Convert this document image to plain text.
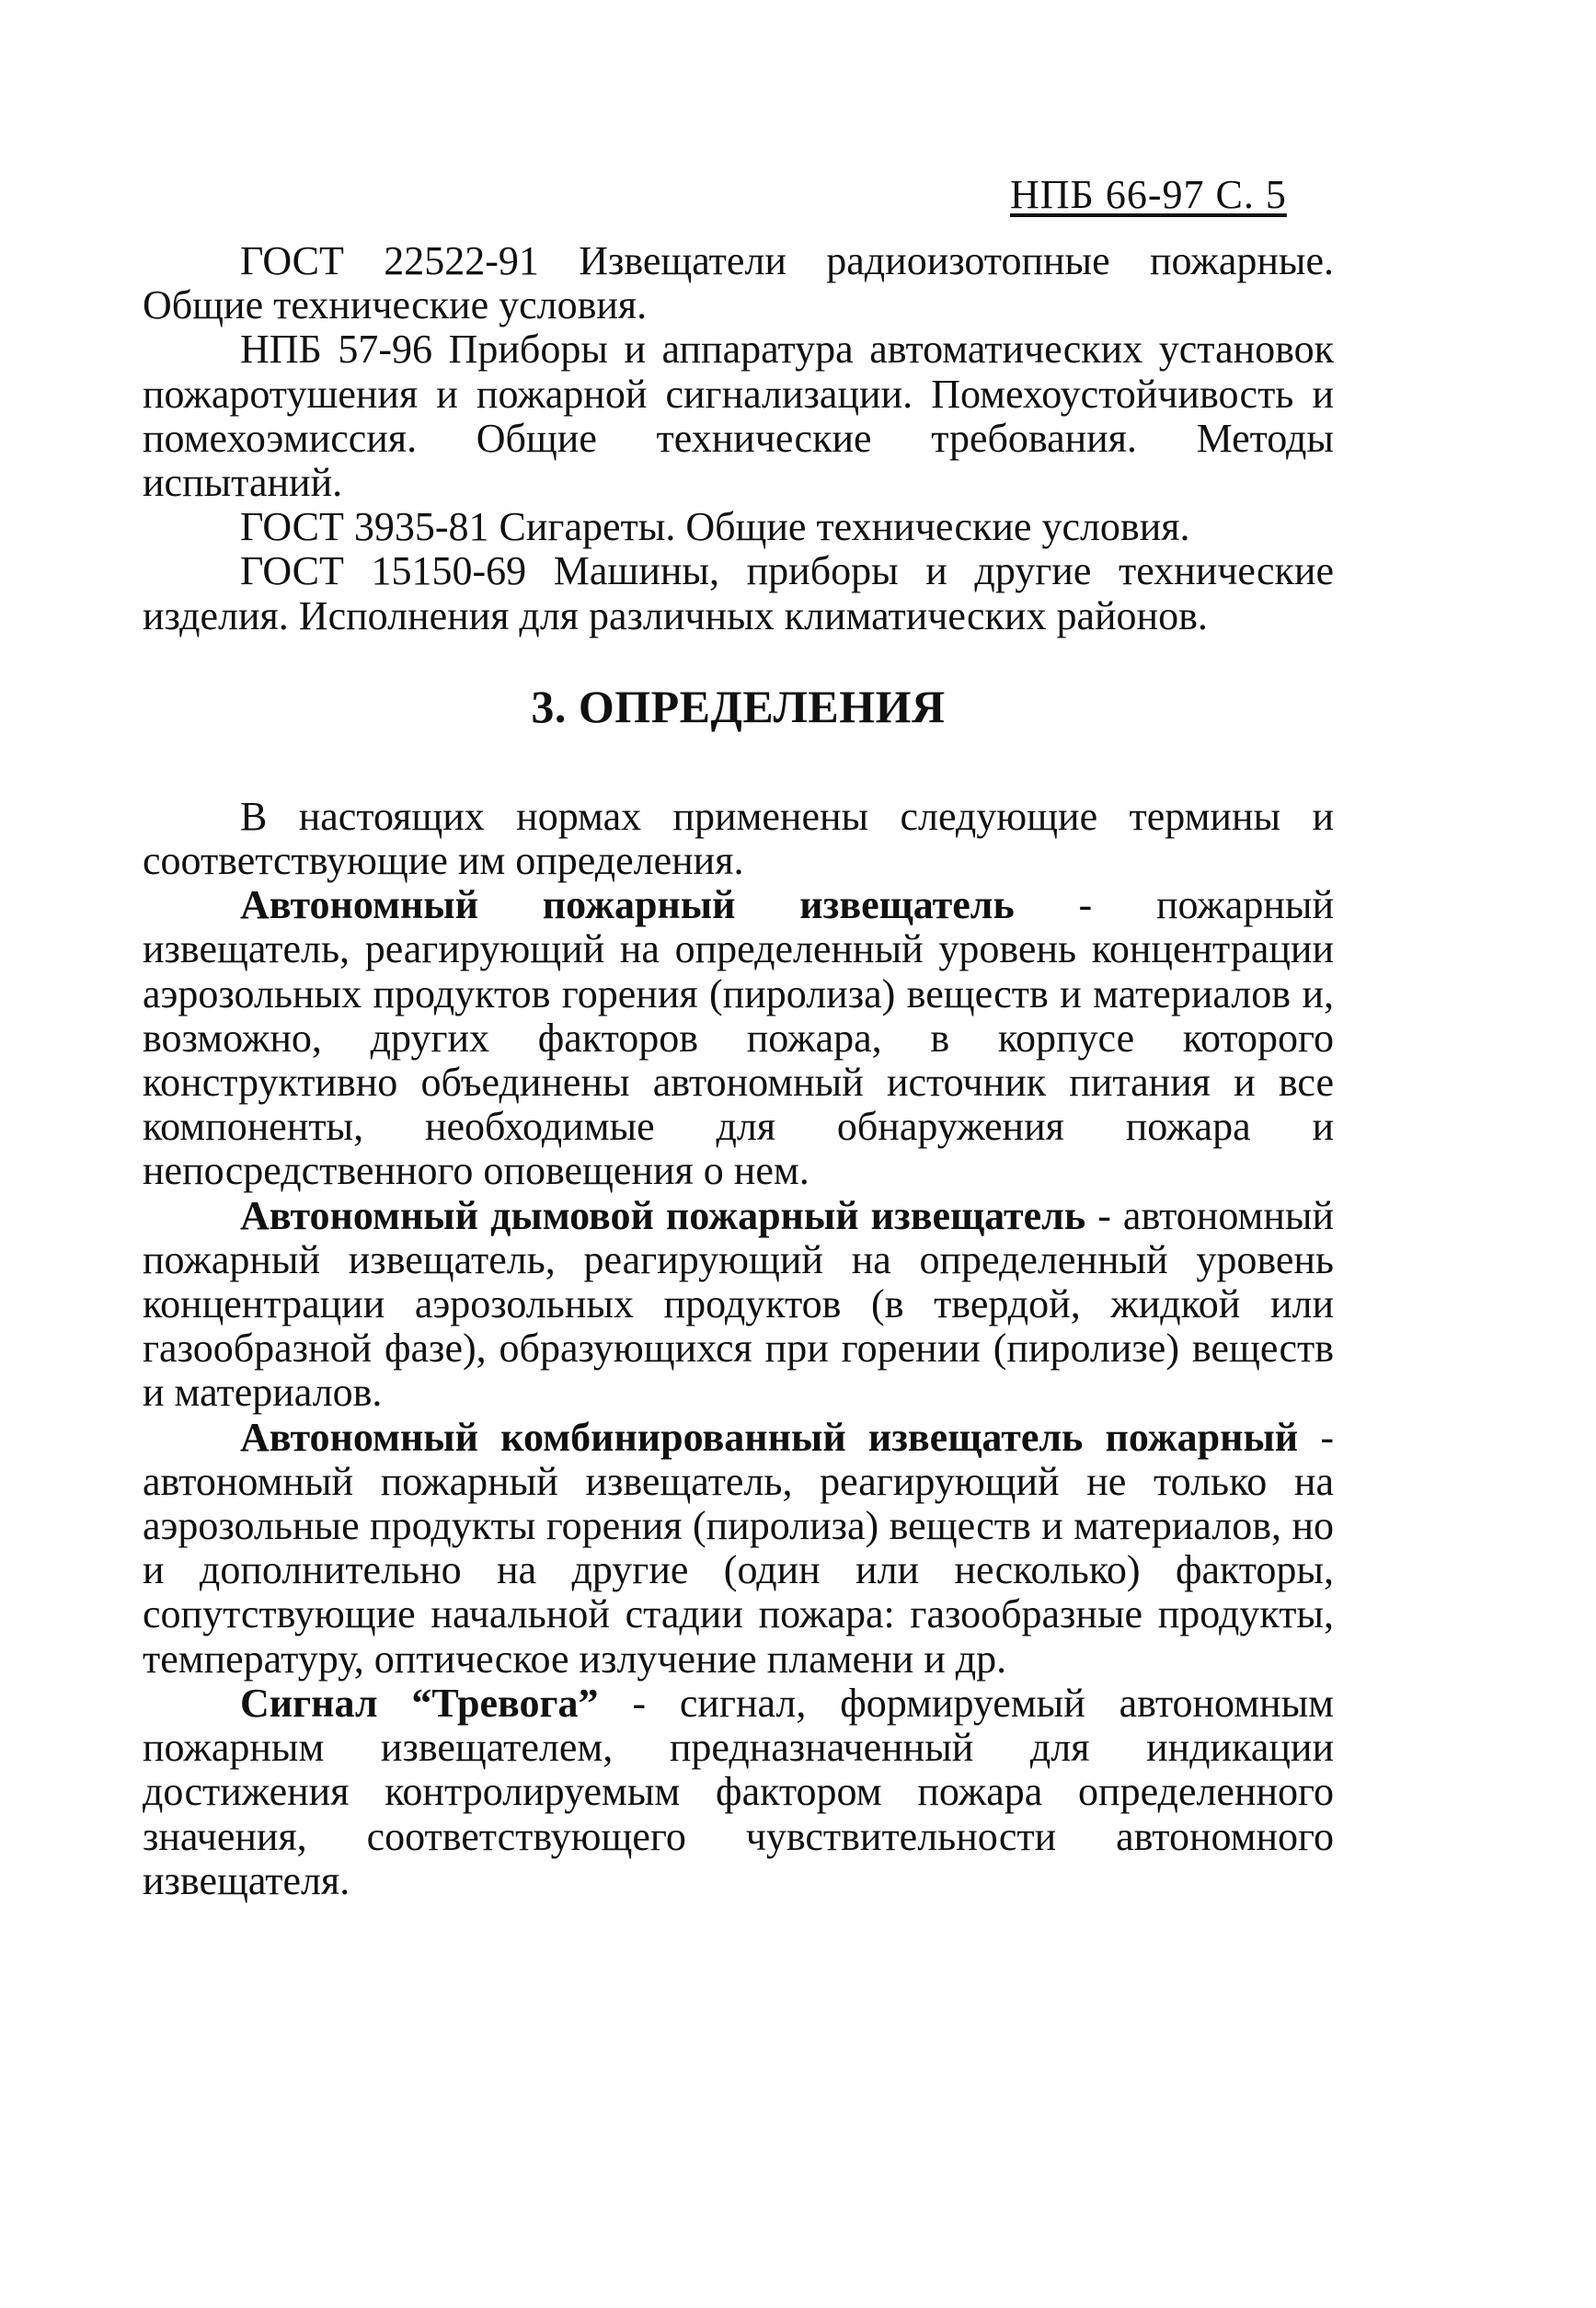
НПБ 66-97 С. 5

ГОСТ 22522-91 Извещатели радиоизотопные пожарные. Общие технические условия.

НПБ 57-96 Приборы и аппаратура автоматических установок пожаротушения и пожарной сигнализации. Помехоустойчивость и помехоэмиссия. Общие технические требования. Методы испытаний.

ГОСТ 3935-81 Сигареты. Общие технические условия.

ГОСТ 15150-69 Машины, приборы и другие технические изделия. Исполнения для различных климатических районов.

3. ОПРЕДЕЛЕНИЯ

В настоящих нормах применены следующие термины и соответствующие им определения.

Автономный пожарный извещатель - пожарный извещатель, реагирующий на определенный уровень концентрации аэрозольных продуктов горения (пиролиза) веществ и материалов и, возможно, других факторов пожара, в корпусе которого конструктивно объединены автономный источник питания и все компоненты, необходимые для обнаружения пожара и непосредственного оповещения о нем.

Автономный дымовой пожарный извещатель - автономный пожарный извещатель, реагирующий на определенный уровень концентрации аэрозольных продуктов (в твердой, жидкой или газообразной фазе), образующихся при горении (пиролизе) веществ и материалов.

Автономный комбинированный извещатель пожарный - автономный пожарный извещатель, реагирующий не только на аэрозольные продукты горения (пиролиза) веществ и материалов, но и дополнительно на другие (один или несколько) факторы, сопутствующие начальной стадии пожара: газообразные продукты, температуру, оптическое излучение пламени и др.

Сигнал “Тревога” - сигнал, формируемый автономным пожарным извещателем, предназначенный для индикации достижения контролируемым фактором пожара определенного значения, соответствующего чувствительности автономного извещателя.
